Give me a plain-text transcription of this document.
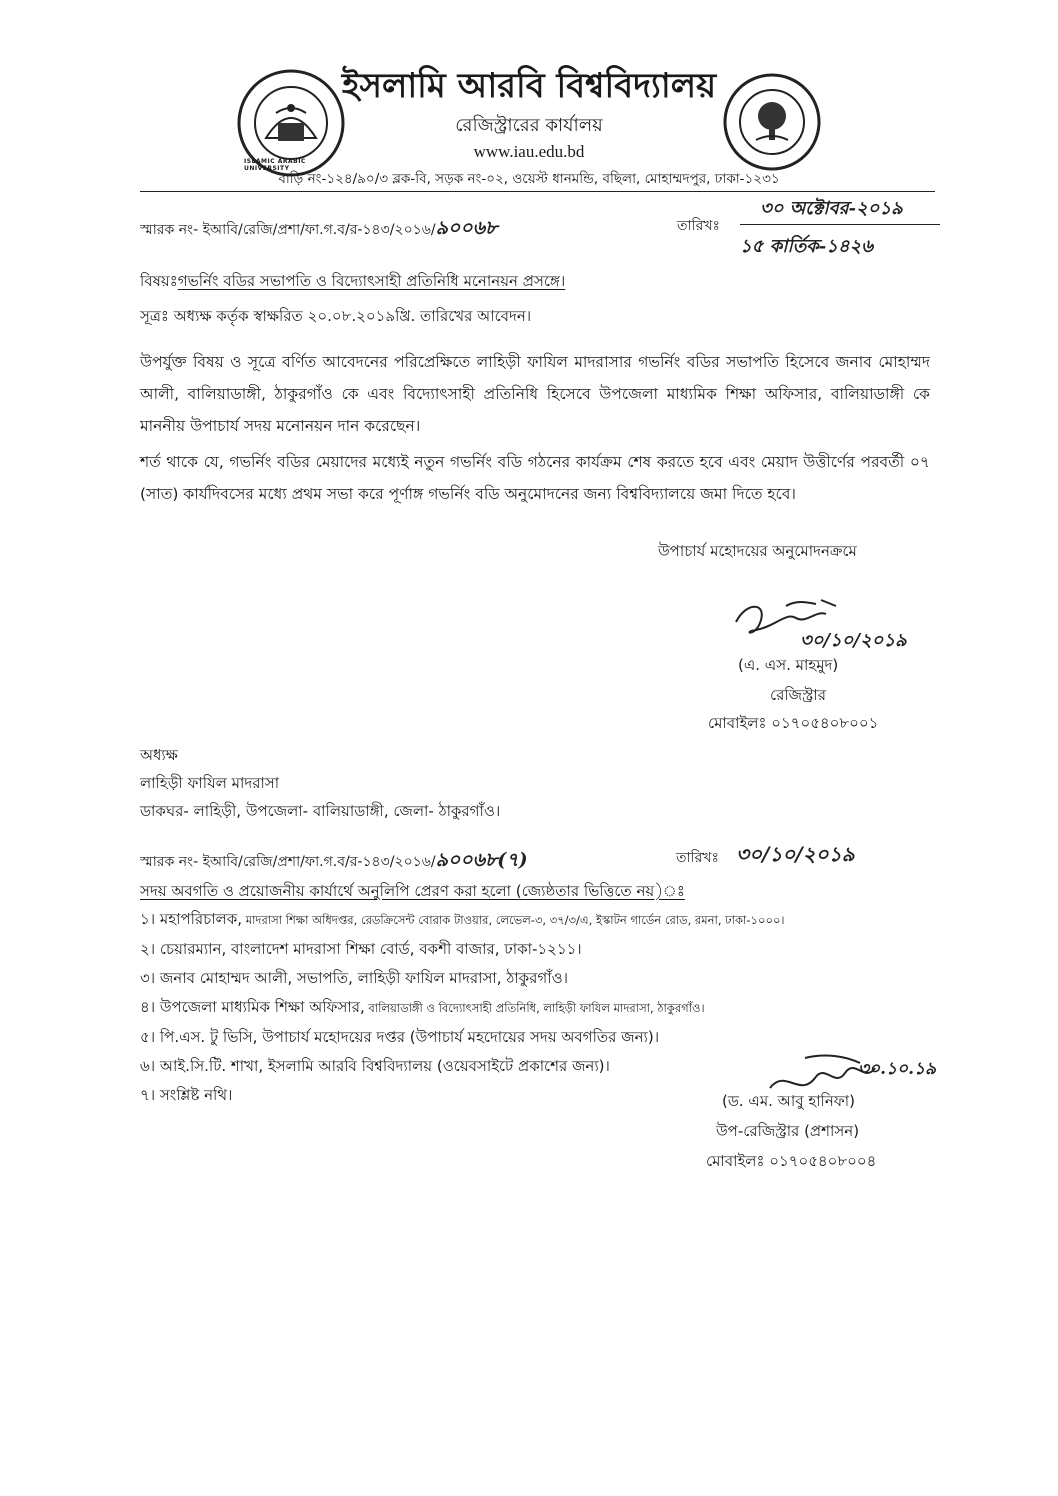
ISLAMIC ARABIC UNIVERSITY
ইসলামি আরবি বিশ্ববিদ্যালয়
রেজিস্ট্রারের কার্যালয়
www.iau.edu.bd
বাড়ি নং-১২৪/৯০/৩ ব্লক-বি, সড়ক নং-০২, ওয়েস্ট ধানমন্ডি, বছিলা, মোহাম্মদপুর, ঢাকা-১২৩১
স্মারক নং- ইআবি/রেজি/প্রশা/ফা.গ.ব/র-১৪৩/২০১৬/৯০০৬৮	তারিখঃ
৩০ অক্টোবর-২০১৯
১৫ কার্তিক-১৪২৬
বিষয়ঃগভর্নিং বডির সভাপতি ও বিদ্যোৎসাহী প্রতিনিধি মনোনয়ন প্রসঙ্গে।
সূত্রঃ অধ্যক্ষ কর্তৃক স্বাক্ষরিত ২০.০৮.২০১৯খ্রি. তারিখের আবেদন।
উপর্যুক্ত বিষয় ও সূত্রে বর্ণিত আবেদনের পরিপ্রেক্ষিতে লাহিড়ী ফাযিল মাদরাসার গভর্নিং বডির সভাপতি হিসেবে জনাব মোহাম্মদ আলী, বালিয়াডাঙ্গী, ঠাকুরগাঁও কে এবং বিদ্যোৎসাহী প্রতিনিধি হিসেবে উপজেলা মাধ্যমিক শিক্ষা অফিসার, বালিয়াডাঙ্গী কে মাননীয় উপাচার্য সদয় মনোনয়ন দান করেছেন।
শর্ত থাকে যে, গভর্নিং বডির মেয়াদের মধ্যেই নতুন গভর্নিং বডি গঠনের কার্যক্রম শেষ করতে হবে এবং মেয়াদ উত্তীর্ণের পরবর্তী ০৭ (সাত) কার্যদিবসের মধ্যে প্রথম সভা করে পূর্ণাঙ্গ গভর্নিং বডি অনুমোদনের জন্য বিশ্ববিদ্যালয়ে জমা দিতে হবে।
উপাচার্য মহোদয়ের অনুমোদনক্রমে
৩০/১০/২০১৯
(এ. এস. মাহমুদ)
রেজিস্ট্রার
মোবাইলঃ ০১৭০৫৪০৮০০১
অধ্যক্ষ
লাহিড়ী ফাযিল মাদরাসা
ডাকঘর- লাহিড়ী, উপজেলা- বালিয়াডাঙ্গী, জেলা- ঠাকুরগাঁও।
স্মারক নং- ইআবি/রেজি/প্রশা/ফা.গ.ব/র-১৪৩/২০১৬/৯০০৬৮(৭)	তারিখঃ ৩০/১০/২০১৯
সদয় অবগতি ও প্রয়োজনীয় কার্যার্থে অনুলিপি প্রেরণ করা হলো (জ্যেষ্ঠতার ভিত্তিতে নয়)ঃ
১। মহাপরিচালক, মাদরাসা শিক্ষা অধিদপ্তর, রেডক্রিসেন্ট বোরাক টাওয়ার, লেভেল-৩, ৩৭/৩/এ, ইস্কাটন গার্ডেন রোড, রমনা, ঢাকা-১০০০।
২। চেয়ারম্যান, বাংলাদেশ মাদরাসা শিক্ষা বোর্ড, বকশী বাজার, ঢাকা-১২১১।
৩। জনাব মোহাম্মদ আলী, সভাপতি, লাহিড়ী ফাযিল মাদরাসা, ঠাকুরগাঁও।
৪। উপজেলা মাধ্যমিক শিক্ষা অফিসার, বালিয়াডাঙ্গী ও বিদ্যোৎসাহী প্রতিনিধি, লাহিড়ী ফাযিল মাদরাসা, ঠাকুরগাঁও।
৫। পি.এস. টু ভিসি, উপাচার্য মহোদয়ের দপ্তর (উপাচার্য মহদোয়ের সদয় অবগতির জন্য)।
৬। আই.সি.টি. শাখা, ইসলামি আরবি বিশ্ববিদ্যালয় (ওয়েবসাইটে প্রকাশের জন্য)।
৭। সংশ্লিষ্ট নথি।
৩০.১০.১৯
(ড. এম. আবু হানিফা)
উপ-রেজিস্ট্রার (প্রশাসন)
মোবাইলঃ ০১৭০৫৪০৮০০৪
